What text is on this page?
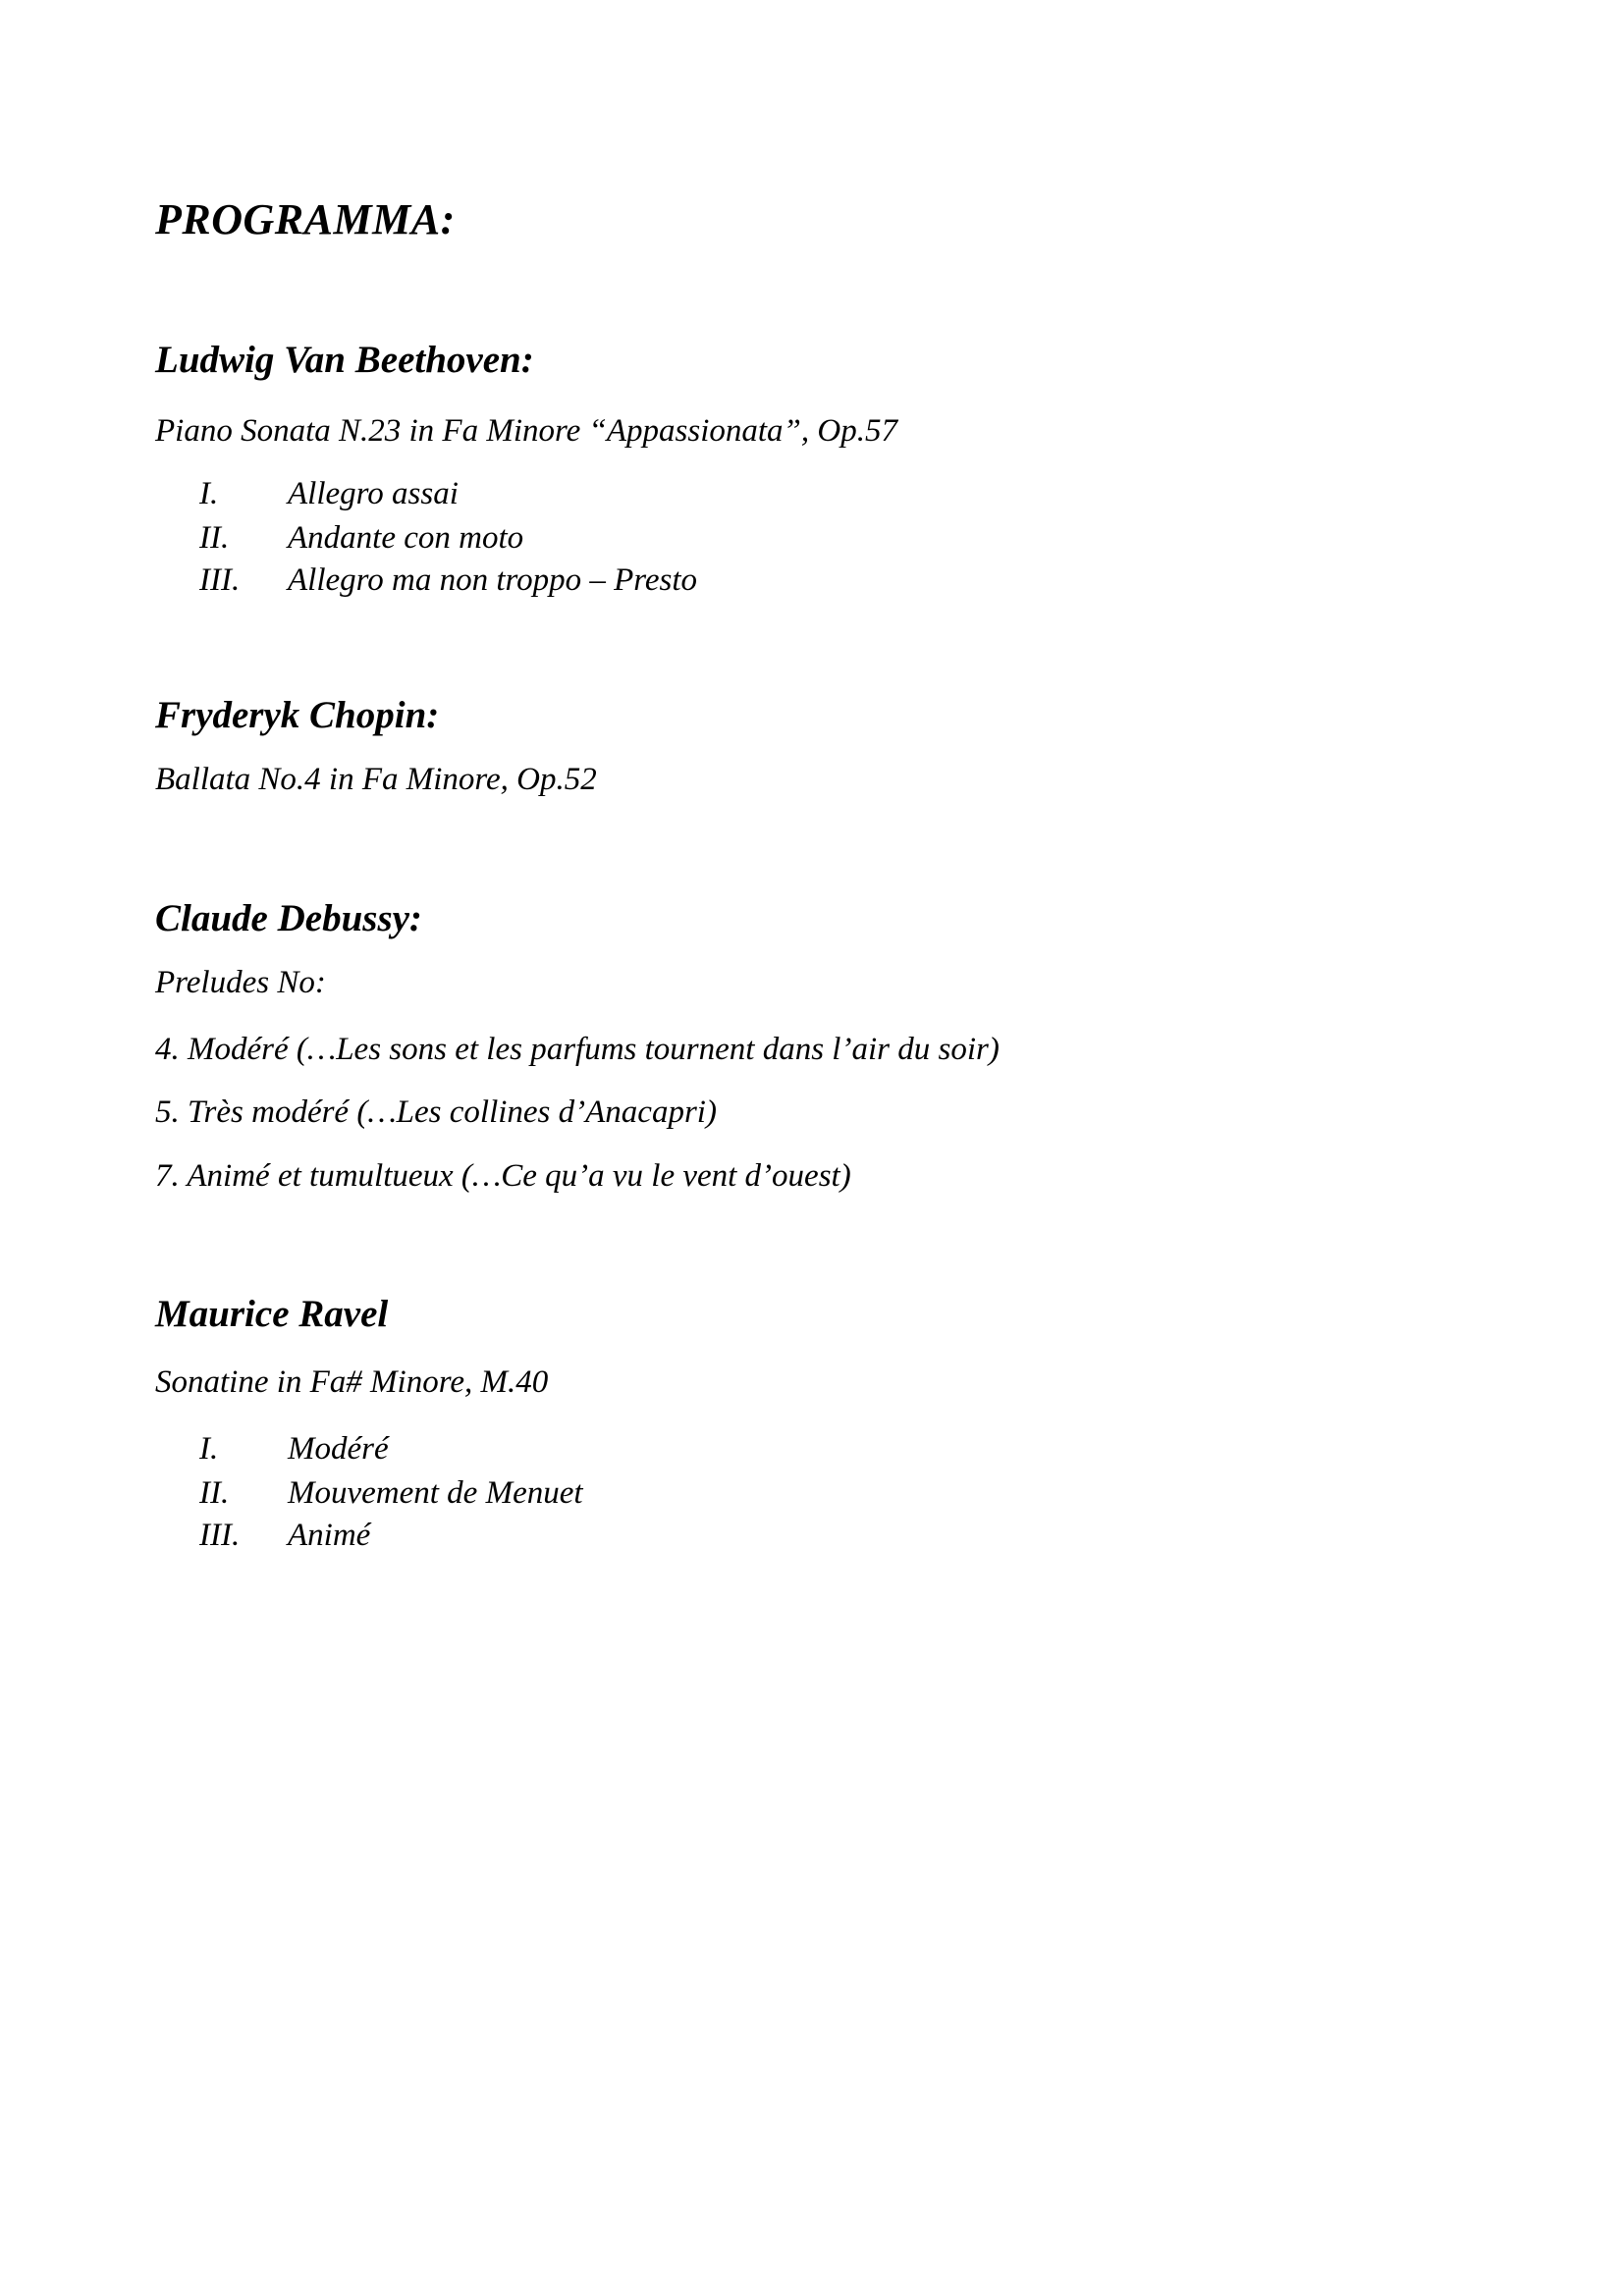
PROGRAMMA:
Ludwig Van Beethoven:
Piano Sonata N.23 in Fa Minore “Appassionata”, Op.57
I. Allegro assai
II. Andante con moto
III. Allegro ma non troppo – Presto
Fryderyk Chopin:
Ballata No.4 in Fa Minore, Op.52
Claude Debussy:
Preludes No:
4. Modéré (…Les sons et les parfums tournent dans l’air du soir)
5. Très modéré (…Les collines d’Anacapri)
7. Animé et tumultueux (…Ce qu’a vu le vent d’ouest)
Maurice Ravel
Sonatine in Fa# Minore, M.40
I. Modéré
II. Mouvement de Menuet
III. Animé
